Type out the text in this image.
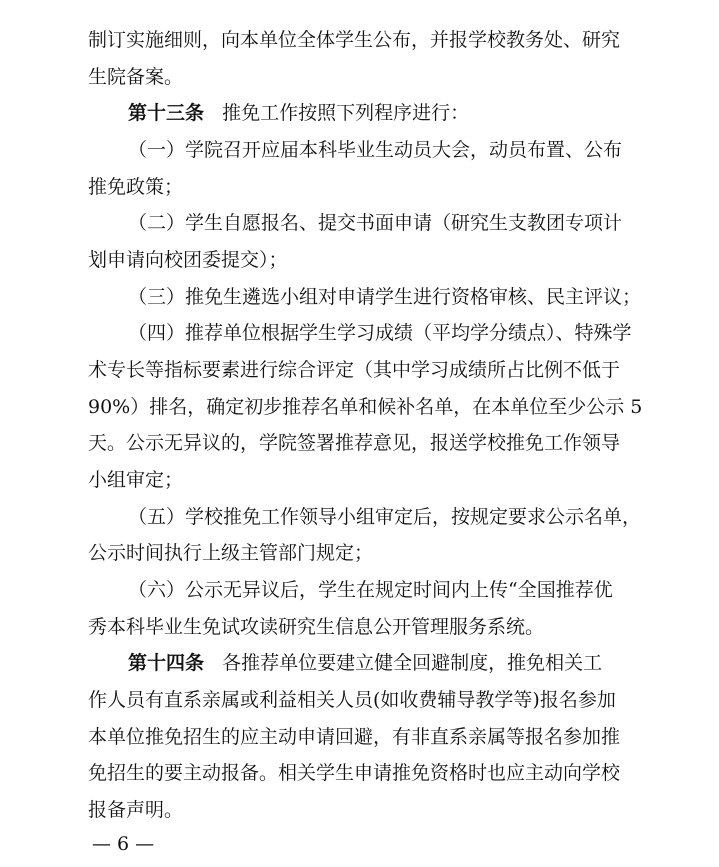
制订实施细则，向本单位全体学生公布，并报学校教务处、研究
生院备案。
第十三条 推免工作按照下列程序进行：
（一）学院召开应届本科毕业生动员大会，动员布置、公布
推免政策；
（二）学生自愿报名、提交书面申请（研究生支教团专项计
划申请向校团委提交）；
（三）推免生遴选小组对申请学生进行资格审核、民主评议；
（四）推荐单位根据学生学习成绩（平均学分绩点）、特殊学
术专长等指标要素进行综合评定（其中学习成绩所占比例不低于
90%）排名，确定初步推荐名单和候补名单，在本单位至少公示 5
天。公示无异议的，学院签署推荐意见，报送学校推免工作领导
小组审定；
（五）学校推免工作领导小组审定后，按规定要求公示名单，
公示时间执行上级主管部门规定；
（六）公示无异议后，学生在规定时间内上传“全国推荐优
秀本科毕业生免试攻读研究生信息公开管理服务系统。
第十四条 各推荐单位要建立健全回避制度，推免相关工
作人员有直系亲属或利益相关人员(如收费辅导教学等)报名参加
本单位推免招生的应主动申请回避，有非直系亲属等报名参加推
免招生的要主动报备。相关学生申请推免资格时也应主动向学校
报备声明。
— 6 —
